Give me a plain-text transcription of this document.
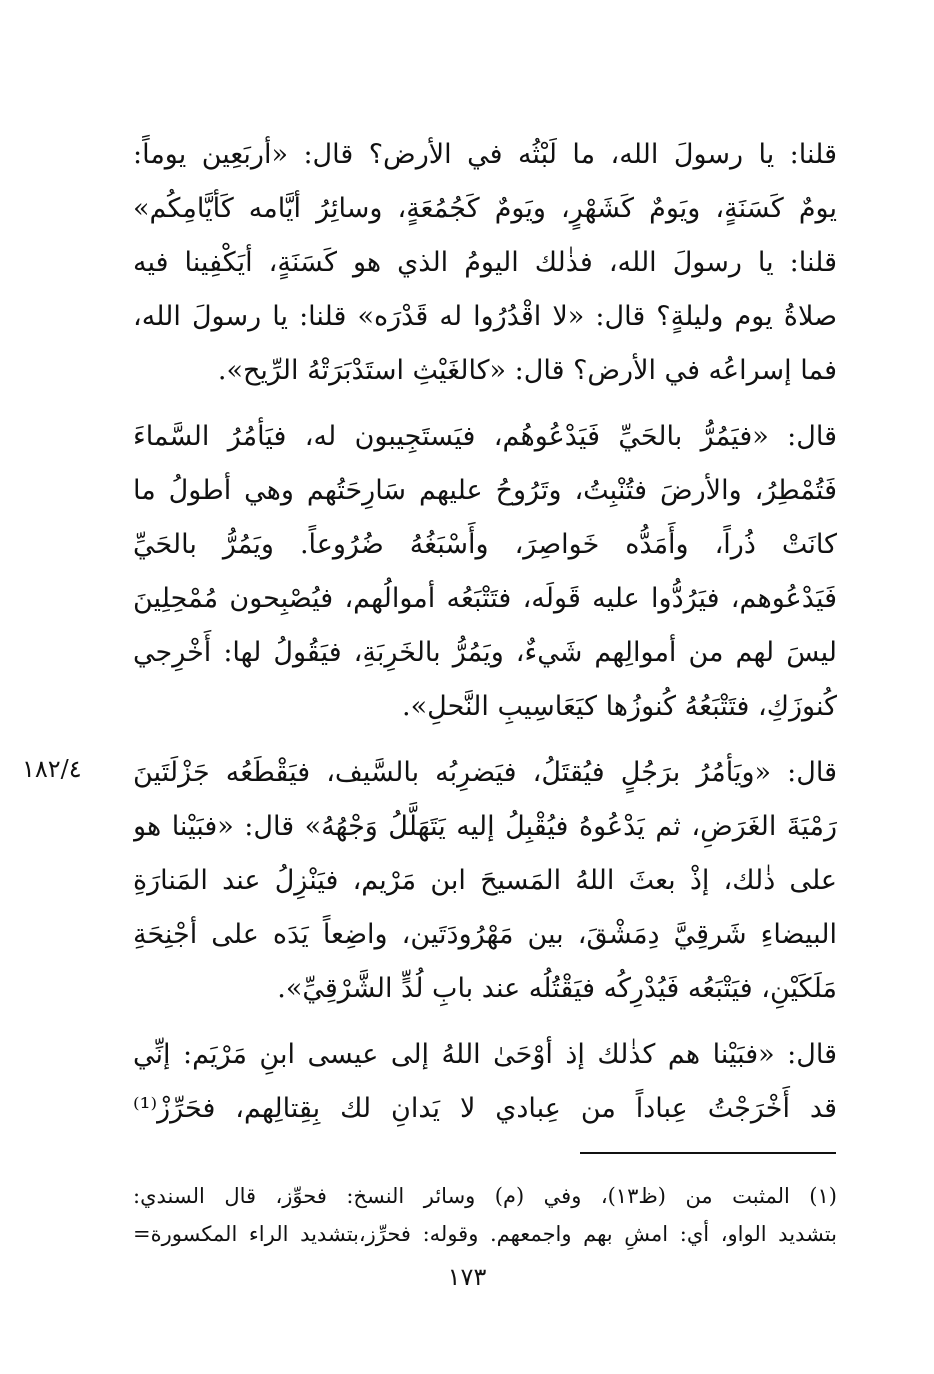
قلنا: يا رسولَ الله، ما لَبْثُه في الأرض؟ قال: «أربَعِين يوماً:
يومٌ كَسَنَةٍ، ويَومٌ كَشَهْرٍ، ويَومٌ كَجُمُعَةٍ، وسائِرُ أيَّامه كَأيَّامِكُم»
قلنا: يا رسولَ الله، فذٰلك اليومُ الذي هو كَسَنَةٍ، أيَكْفِينا فيه
صلاةُ يوم وليلةٍ؟ قال: «لا اقْدُرُوا له قَدْرَه» قلنا: يا رسولَ الله،
فما إسراعُه في الأرض؟ قال: «كالغَيْثِ استَدْبَرَتْهُ الرِّيح».
قال: «فيَمُرُّ بالحَيِّ فَيَدْعُوهُم، فيَستَجِيبون له، فيَأمُرُ السَّماءَ
فَتُمْطِرُ، والأرضَ فتُنْبِتُ، وتَرُوحُ عليهم سَارِحَتُهم وهي أطولُ ما
كانَتْ ذُراً، وأَمَدُّه خَواصِرَ، وأَسْبَغُهُ ضُرُوعاً. ويَمُرُّ بالحَيِّ
فَيَدْعُوهم، فيَرُدُّوا عليه قَولَه، فتَتْبَعُه أموالُهم، فيُصْبِحون مُمْحِلِينَ
ليسَ لهم من أموالِهم شَيءٌ، ويَمُرُّ بالخَرِبَةِ، فيَقُولُ لها: أَخْرِجي
كُنوزَكِ، فتَتْبَعُهُ كُنوزُها كيَعَاسِيبِ النَّحلِ».
قال: «ويَأمُرُ برَجُلٍ فيُقتَلُ، فيَضرِبُه بالسَّيف، فيَقْطَعُه جَزْلَتَينَ
رَمْيَةَ الغَرَضِ، ثم يَدْعُوهُ فيُقْبِلُ إليه يَتَهَلَّلُ وَجْهُهُ» قال: «فبَيْنا هو
على ذٰلك، إذْ بعثَ اللهُ المَسيحَ ابن مَرْيم، فيَنْزِلُ عند المَنارَةِ
البيضاءِ شَرقِيَّ دِمَشْقَ، بين مَهْرُودَتَين، واضِعاً يَدَه على أجْنِحَةِ
مَلَكَيْنِ، فيَتْبَعُه فَيُدْرِكُه فيَقْتُلُه عند بابِ لُدٍّ الشَّرْقِيِّ».
قال: «فبَيْنا هم كذٰلك إذ أوْحَىٰ اللهُ إلى عيسى ابنِ مَرْيَم: إنِّي
قد أَخْرَجْتُ عِباداً من عِبادي لا يَدانِ لك بِقِتالِهم، فحَرِّزْ⁽¹⁾
١٨٢/٤
(١) المثبت من (ظ١٣)، وفي (م) وسائر النسخ: فحوِّز، قال السندي:
بتشديد الواو، أي: امشِ بهم واجمعهم. وقوله: فحرِّز،بتشديد الراء المكسورة=
١٧٣
